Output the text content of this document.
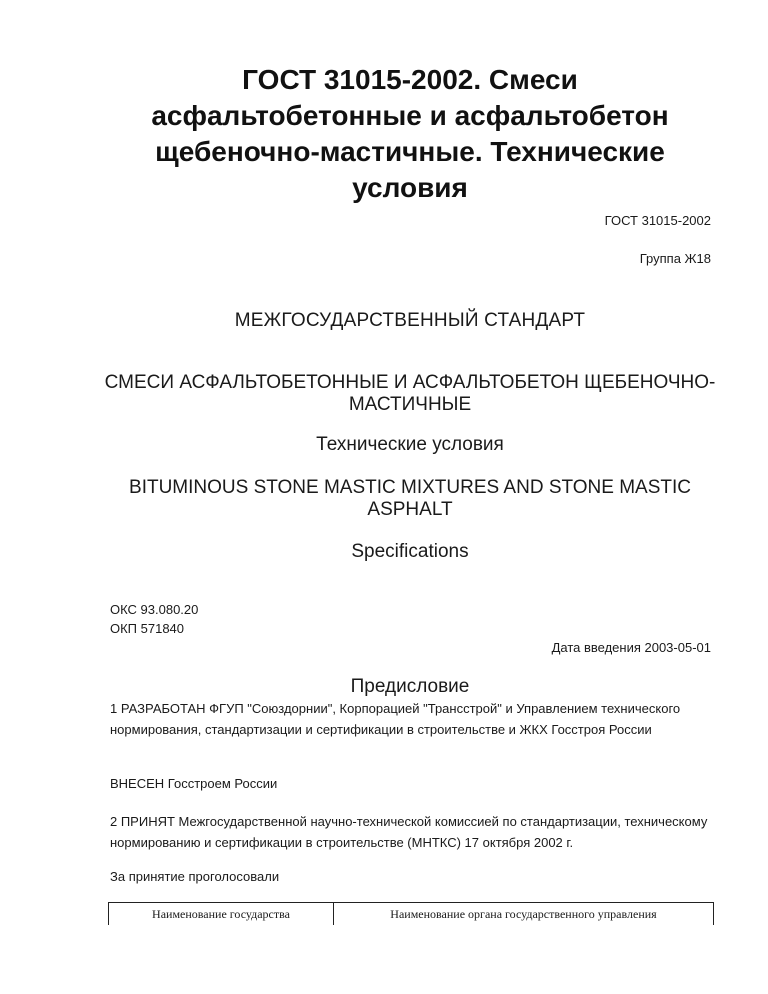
ГОСТ 31015-2002. Смеси асфальтобетонные и асфальтобетон щебеночно-мастичные. Технические условия
ГОСТ 31015-2002
Группа Ж18
МЕЖГОСУДАРСТВЕННЫЙ СТАНДАРТ
СМЕСИ АСФАЛЬТОБЕТОННЫЕ И АСФАЛЬТОБЕТОН ЩЕБЕНОЧНО-МАСТИЧНЫЕ
Технические условия
BITUMINOUS STONE MASTIC MIXTURES AND STONE MASTIC ASPHALT
Specifications
ОКС 93.080.20
ОКП 571840
Дата введения 2003-05-01
Предисловие
1 РАЗРАБОТАН ФГУП "Союздорнии", Корпорацией "Трансстрой" и Управлением технического нормирования, стандартизации и сертификации в строительстве и ЖКХ Госстроя России
ВНЕСЕН Госстроем России
2 ПРИНЯТ Межгосударственной научно-технической комиссией по стандартизации, техническому нормированию и сертификации в строительстве (МНТКС) 17 октября 2002 г.
За принятие проголосовали
Наименование государства	Наименование органа государственного управления
